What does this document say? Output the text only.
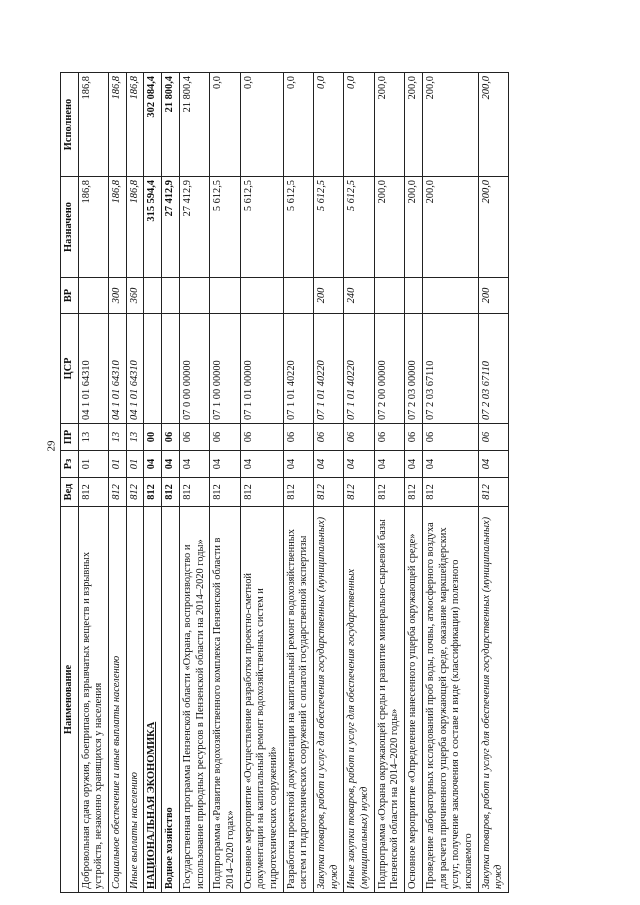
29
Наименование	Вед	Рз	ПР	ЦСР	ВР	Назначено	Исполнено
Добровольная сдача оружия, боеприпасов, взрывчатых веществ и взрывных устройств, незаконно хранящихся у населения	812	01	13	04 1 01 64310		186,8	186,8
Социальное обеспечение и иные выплаты населению	812	01	13	04 1 01 64310	300	186,8	186,8
Иные выплаты населению	812	01	13	04 1 01 64310	360	186,8	186,8
НАЦИОНАЛЬНАЯ ЭКОНОМИКА	812	04	00			315 594,4	302 084,4
Водное хозяйство	812	04	06			27 412,9	21 800,4
Государственная программа Пензенской области «Охрана, воспроизводство и использование природных ресурсов в Пензенской области на 2014–2020 годы»	812	04	06	07 0 00 00000		27 412,9	21 800,4
Подпрограмма «Развитие водохозяйственного комплекса Пензенской области в 2014–2020 годах»	812	04	06	07 1 00 00000		5 612,5	0,0
Основное мероприятие «Осуществление разработки проектно-сметной документации на капитальный ремонт водохозяйственных систем и гидротехнических сооружений»	812	04	06	07 1 01 00000		5 612,5	0,0
Разработка проектной документации на капитальный ремонт водохозяйственных систем и гидротехнических сооружений с оплатой государственной экспертизы	812	04	06	07 1 01 40220		5 612,5	0,0
Закупка товаров, работ и услуг для обеспечения государственных (муниципальных) нужд	812	04	06	07 1 01 40220	200	5 612,5	0,0
Иные закупки товаров, работ и услуг для обеспечения государственных (муниципальных) нужд	812	04	06	07 1 01 40220	240	5 612,5	0,0
Подпрограмма «Охрана окружающей среды и развитие минерально-сырьевой базы Пензенской области на 2014–2020 годы»	812	04	06	07 2 00 00000		200,0	200,0
Основное мероприятие «Определение нанесенного ущерба окружающей среде»	812	04	06	07 2 03 00000		200,0	200,0
Проведение лабораторных исследований проб воды, почвы, атмосферного воздуха для расчета причиненного ущерба окружающей среде, оказание маркшейдерских услуг, получение заключения о составе и виде (классификации) полезного ископаемого	812	04	06	07 2 03 67110		200,0	200,0
Закупка товаров, работ и услуг для обеспечения государственных (муниципальных) нужд	812	04	06	07 2 03 67110	200	200,0	200,0
